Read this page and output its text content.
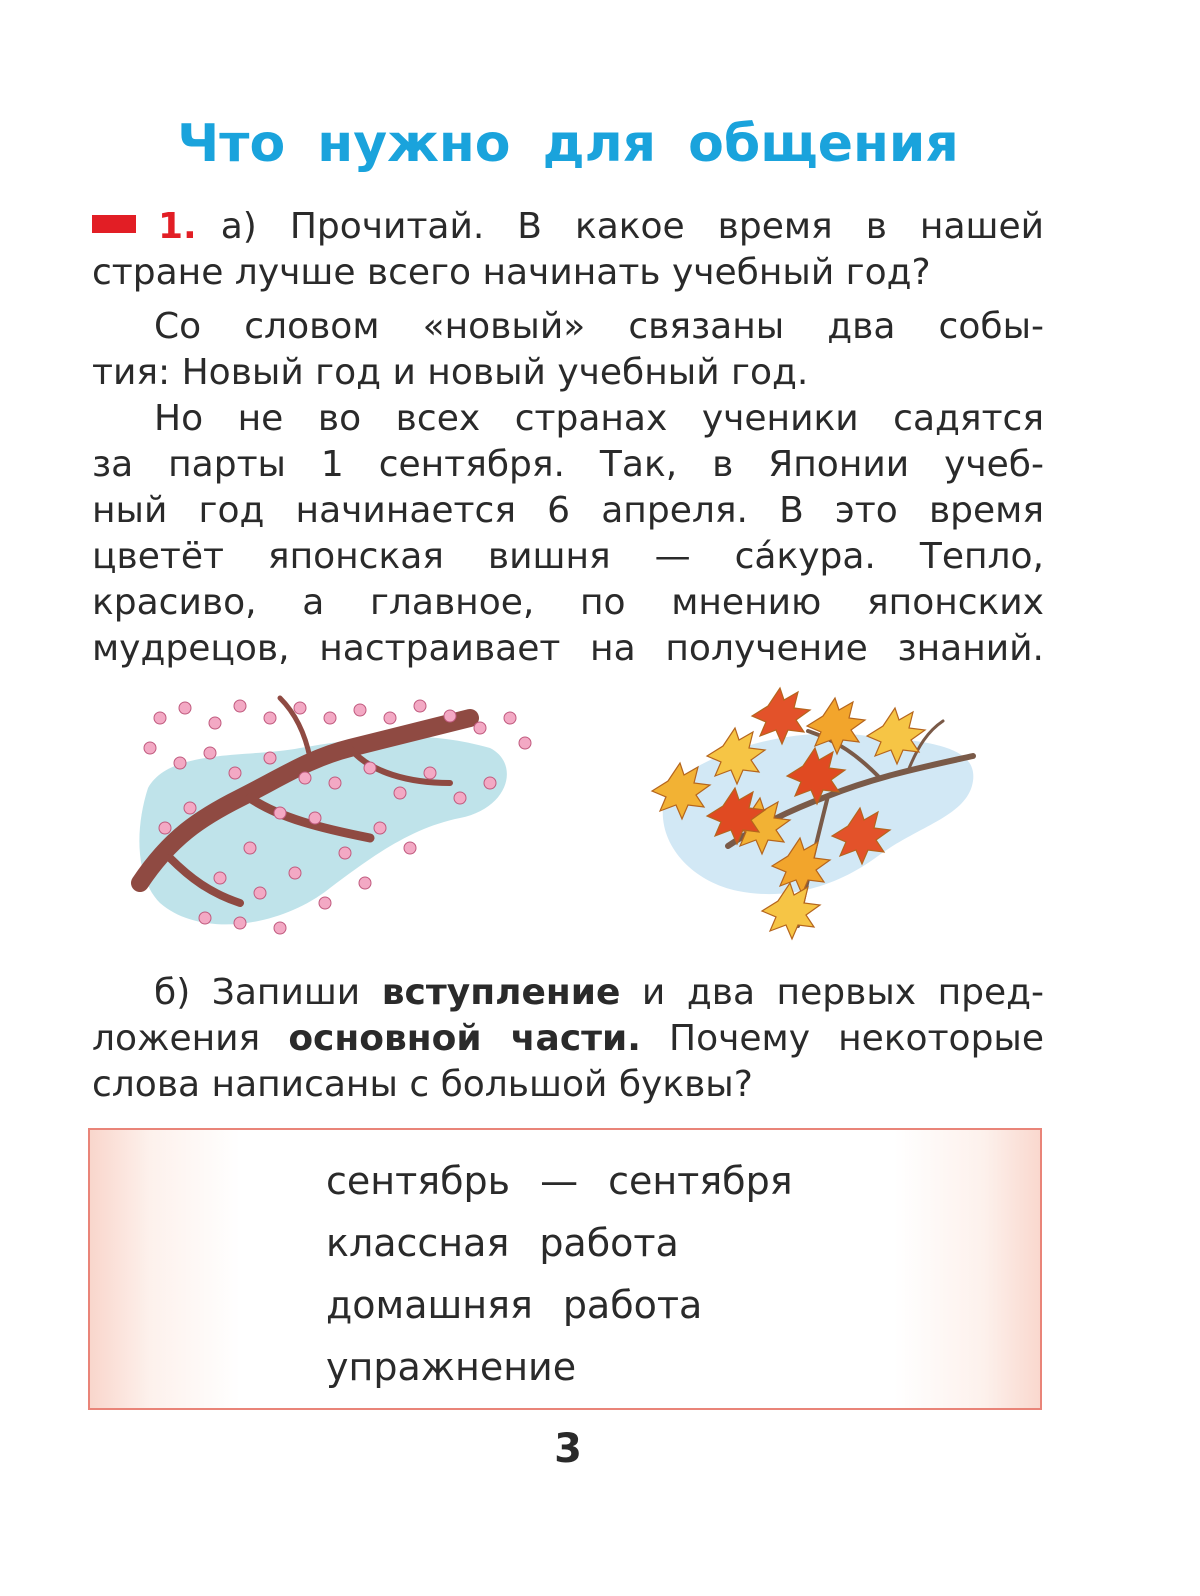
Что нужно для общения
1. а) Прочитай. В какое время в нашей
стране лучше всего начинать учебный год?
Со словом «новый» связаны два собы-
тия: Новый год и новый учебный год.
Но не во всех странах ученики садятся
за парты 1 сентября. Так, в Японии учеб-
ный год начинается 6 апреля. В это время
цветёт японская вишня — са́кура. Тепло,
красиво, а главное, по мнению японских
мудрецов, настраивает на получение знаний.
б) Запиши вступление и два первых пред-
ложения основной части. Почему некоторые
слова написаны с большой буквы?
сентябрь — сентября
классная работа
домашняя работа
упражнение
3
